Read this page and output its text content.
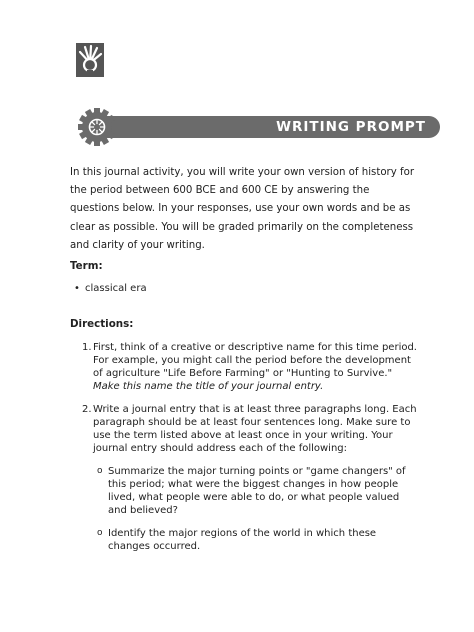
WRITING PROMPT

In this journal activity, you will write your own version of history for the period between 600 BCE and 600 CE by answering the questions below. In your responses, use your own words and be as clear as possible. You will be graded primarily on the completeness and clarity of your writing.

Term:
• classical era
Directions:
1. First, think of a creative or descriptive name for this time period. For example, you might call the period before the development of agriculture "Life Before Farming" or "Hunting to Survive." Make this name the title of your journal entry.
2. Write a journal entry that is at least three paragraphs long. Each paragraph should be at least four sentences long. Make sure to use the term listed above at least once in your writing. Your journal entry should address each of the following:
o Summarize the major turning points or "game changers" of this period; what were the biggest changes in how people lived, what people were able to do, or what people valued and believed?
o Identify the major regions of the world in which these changes occurred.
